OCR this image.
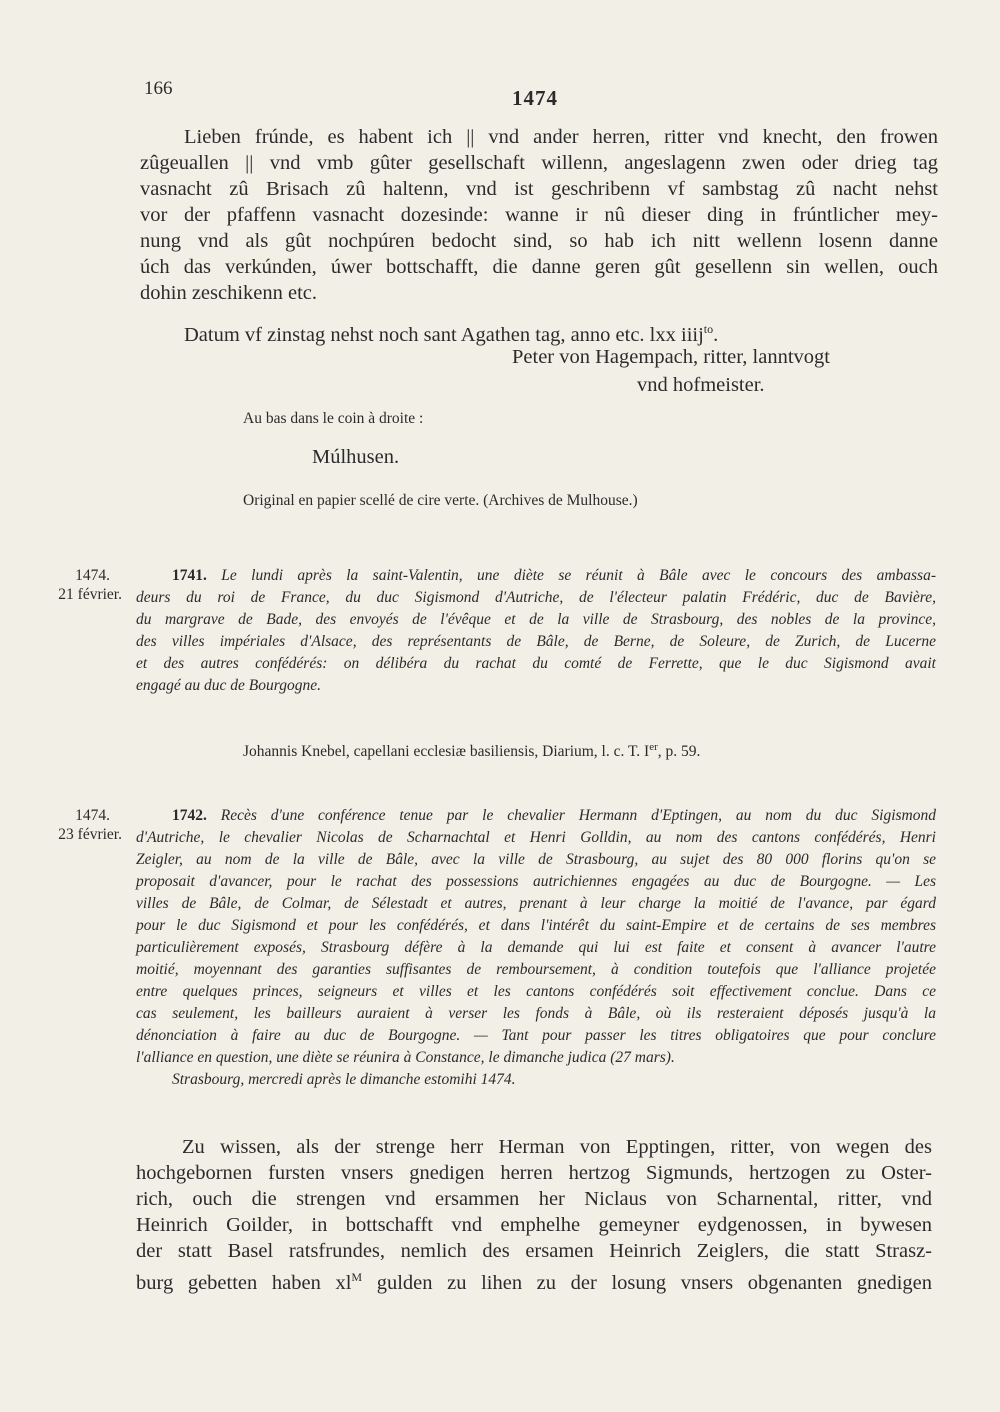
166	1474
Lieben frúnde, es habent ich || vnd ander herren, ritter vnd knecht, den frowen
zûgeuallen || vnd vmb gûter gesellschaft willenn, angeslagenn zwen oder drieg tag
vasnacht zû Brisach zû haltenn, vnd ist geschribenn vf sambstag zû nacht nehst
vor der pfaffenn vasnacht dozesinde: wanne ir nû dieser ding in frúntlicher mey-
nung vnd als gût nochpúren bedocht sind, so hab ich nitt wellenn losenn danne
úch das verkúnden, úwer bottschafft, die danne geren gût gesellenn sin wellen, ouch
dohin zeschikenn etc.
Datum vf zinstag nehst noch sant Agathen tag, anno etc. lxx iiij$^{to}$.
Peter von Hagempach, ritter, lanntvogt
vnd hofmeister.
Au bas dans le coin à droite :
Múlhusen.
Original en papier scellé de cire verte. (Archives de Mulhouse.)
1474.
21 février.
1741. Le lundi après la saint-Valentin, une diète se réunit à Bâle avec le concours des ambassa-
deurs du roi de France, du duc Sigismond d'Autriche, de l'électeur palatin Frédéric, duc de Bavière,
du margrave de Bade, des envoyés de l'évêque et de la ville de Strasbourg, des nobles de la province,
des villes impériales d'Alsace, des représentants de Bâle, de Berne, de Soleure, de Zurich, de Lucerne
et des autres confédérés: on délibéra du rachat du comté de Ferrette, que le duc Sigismond avait
engagé au duc de Bourgogne.
Johannis Knebel, capellani ecclesiæ basiliensis, Diarium, l. c. T. Ier, p. 59.
1474.
23 février.
1742. Recès d'une conférence tenue par le chevalier Hermann d'Eptingen, au nom du duc Sigismond
d'Autriche, le chevalier Nicolas de Scharnachtal et Henri Golldin, au nom des cantons confédérés, Henri
Zeigler, au nom de la ville de Bâle, avec la ville de Strasbourg, au sujet des 80 000 florins qu'on se
proposait d'avancer, pour le rachat des possessions autrichiennes engagées au duc de Bourgogne. — Les
villes de Bâle, de Colmar, de Sélestadt et autres, prenant à leur charge la moitié de l'avance, par égard
pour le duc Sigismond et pour les confédérés, et dans l'intérêt du saint-Empire et de certains de ses membres
particulièrement exposés, Strasbourg défère à la demande qui lui est faite et consent à avancer l'autre
moitié, moyennant des garanties suffisantes de remboursement, à condition toutefois que l'alliance projetée
entre quelques princes, seigneurs et villes et les cantons confédérés soit effectivement conclue. Dans ce
cas seulement, les bailleurs auraient à verser les fonds à Bâle, où ils resteraient déposés jusqu'à la
dénonciation à faire au duc de Bourgogne. — Tant pour passer les titres obligatoires que pour conclure
l'alliance en question, une diète se réunira à Constance, le dimanche judica (27 mars).
Strasbourg, mercredi après le dimanche estomihi 1474.
Zu wissen, als der strenge herr Herman von Epptingen, ritter, von wegen des
hochgebornen fursten vnsers gnedigen herren hertzog Sigmunds, hertzogen zu Oster-
rich, ouch die strengen vnd ersammen her Niclaus von Scharnental, ritter, vnd
Heinrich Goilder, in bottschafft vnd emphelhe gemeyner eydgenossen, in bywesen
der statt Basel ratsfrundes, nemlich des ersamen Heinrich Zeiglers, die statt Strasz-
burg gebetten haben $xl^M$ gulden zu lihen zu der losung vnsers obgenanten gnedigen
